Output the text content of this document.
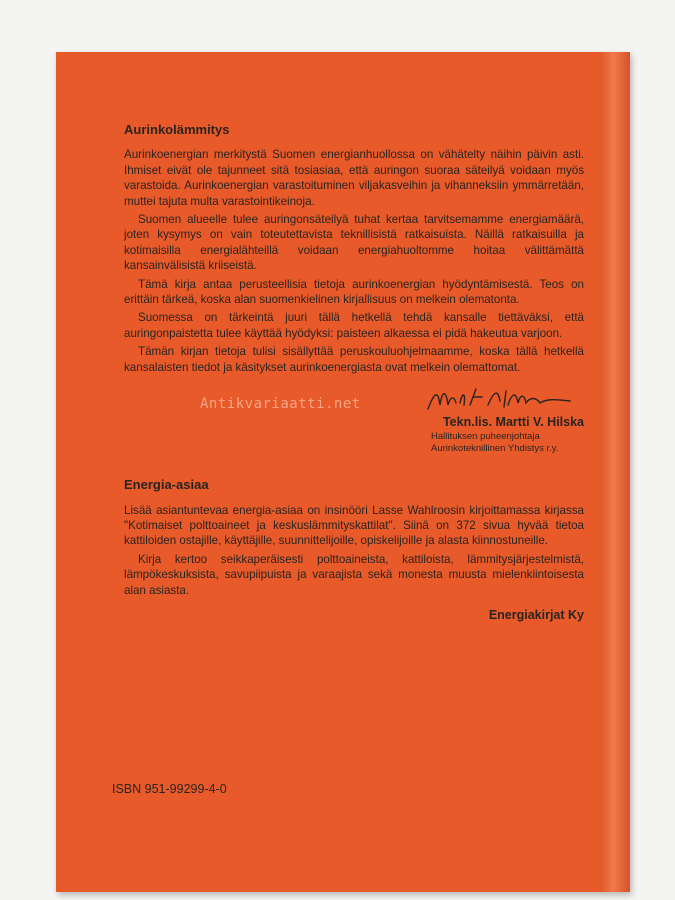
Aurinkolämmitys

Aurinkoenergian merkitystä Suomen energianhuollossa on vähätelty näihin päivin asti. Ihmiset eivät ole tajunneet sitä tosiasiaa, että auringon suoraa säteilyä voidaan myös varastoida. Aurinkoenergian varastoituminen viljakasveihin ja vihanneksiin ymmärretään, muttei tajuta multa varastointikeinoja.

Suomen alueelle tulee auringonsäteilyä tuhat kertaa tarvitsemamme energiamäärä, joten kysymys on vain toteutettavista teknillisistä ratkaisuista. Näillä ratkaisuilla ja kotimaisilla energialähteillä voidaan energiahuoltomme hoitaa välittämättä kansainvälisistä kriiseistä.

Tämä kirja antaa perusteellisia tietoja aurinkoenergian hyödyntämisestä. Teos on erittäin tärkeä, koska alan suomenkielinen kirjallisuus on melkein olematonta.

Suomessa on tärkeintä juuri tällä hetkellä tehdä kansalle tiettäväksi, että auringonpaistetta tulee käyttää hyödyksi: paisteen alkaessa ei pidä hakeutua varjoon.

Tämän kirjan tietoja tulisi sisällyttää peruskouluohjelmaamme, koska tällä hetkellä kansalaisten tiedot ja käsitykset aurinkoenergiasta ovat melkein olemattomat.

Tekn.lis. Martti V. Hilska
Hallituksen puheenjohtaja
Aurinkoteknillinen Yhdistys r.y.
Energia-asiaa

Lisää asiantuntevaa energia-asiaa on insinööri Lasse Wahlroosin kirjoittamassa kirjassa "Kotimaiset polttoaineet ja keskuslämmityskattilat". Siinä on 372 sivua hyvää tietoa kattiloiden ostajille, käyttäjille, suunnittelijoille, opiskelijoille ja alasta kiinnostuneille.

Kirja kertoo seikkaperäisesti polttoaineista, kattiloista, lämmitysjärjestelmistä, lämpökeskuksista, savupiipuista ja varaajista sekä monesta muusta mielenkiintoisesta alan asiasta.

Energiakirjat Ky
ISBN 951-99299-4-0
Antikvariaatti.net
